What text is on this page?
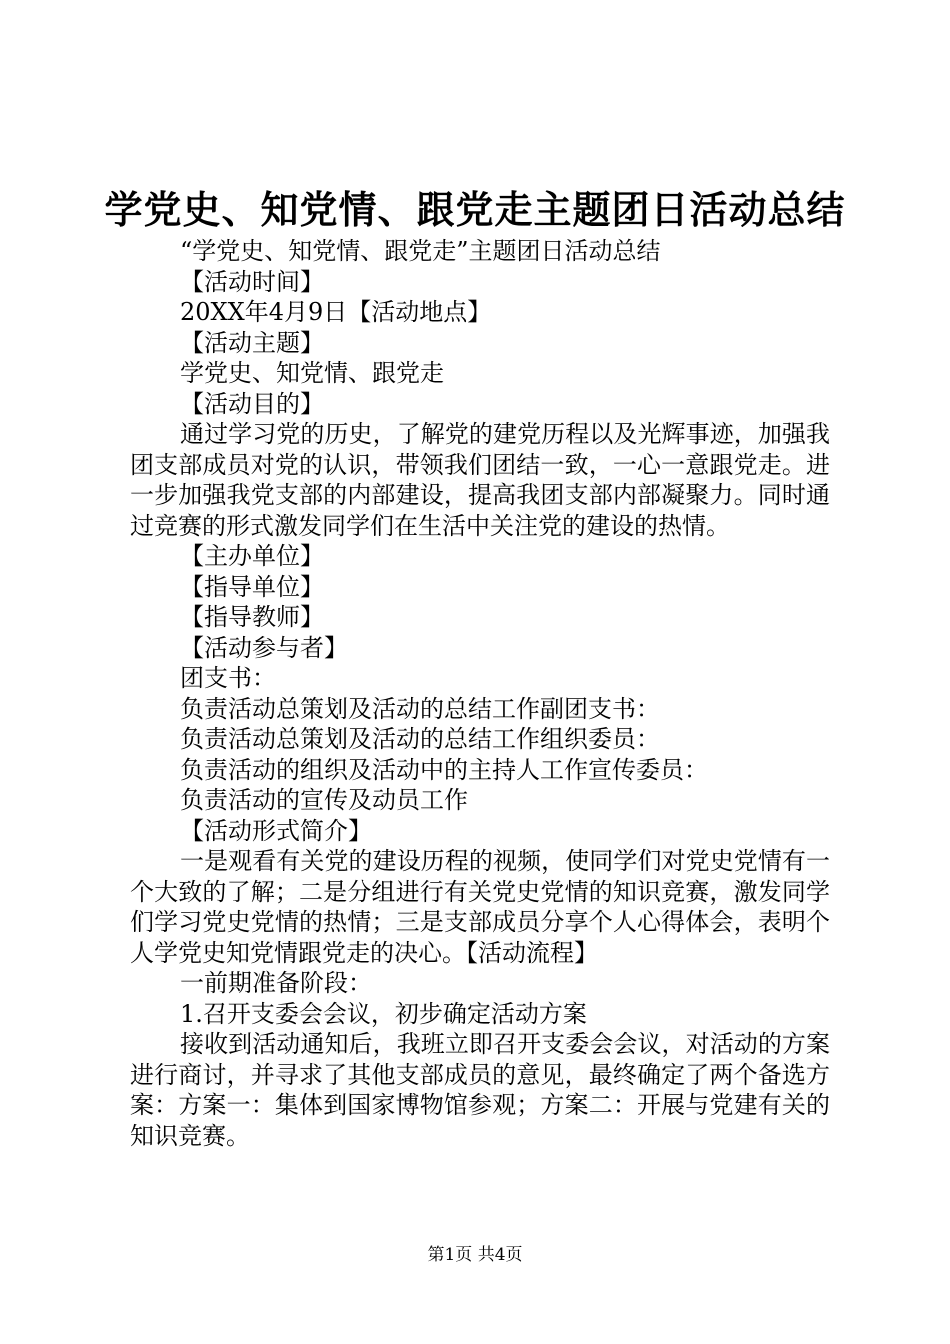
学党史、知党情、跟党走主题团日活动总结

“学党史、知党情、跟党走”主题团日活动总结

【活动时间】

20XX年4月9日【活动地点】

【活动主题】

学党史、知党情、跟党走

【活动目的】

通过学习党的历史，了解党的建党历程以及光辉事迹，加强我团支部成员对党的认识，带领我们团结一致，一心一意跟党走。进一步加强我党支部的内部建设，提高我团支部内部凝聚力。同时通过竞赛的形式激发同学们在生活中关注党的建设的热情。

【主办单位】

【指导单位】

【指导教师】

【活动参与者】

团支书：

负责活动总策划及活动的总结工作副团支书：

负责活动总策划及活动的总结工作组织委员：

负责活动的组织及活动中的主持人工作宣传委员：

负责活动的宣传及动员工作

【活动形式简介】

一是观看有关党的建设历程的视频，使同学们对党史党情有一个大致的了解；二是分组进行有关党史党情的知识竞赛，激发同学们学习党史党情的热情；三是支部成员分享个人心得体会，表明个人学党史知党情跟党走的决心。【活动流程】

一前期准备阶段：

1.召开支委会会议，初步确定活动方案

接收到活动通知后，我班立即召开支委会会议，对活动的方案进行商讨，并寻求了其他支部成员的意见，最终确定了两个备选方案：方案一：集体到国家博物馆参观；方案二：开展与党建有关的知识竞赛。

第1页 共4页
